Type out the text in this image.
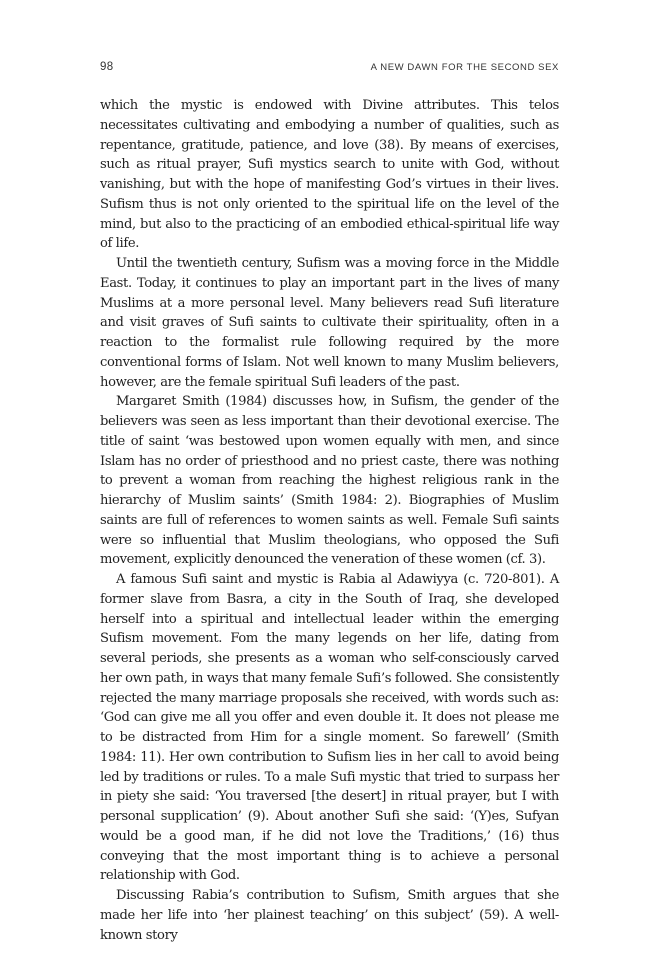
98	A NEW DAWN FOR THE SECOND SEX

which the mystic is endowed with Divine attributes. This telos necessitates cultivating and embodying a number of qualities, such as repentance, gratitude, patience, and love (38). By means of exercises, such as ritual prayer, Sufi mystics search to unite with God, without vanishing, but with the hope of manifesting God’s virtues in their lives. Sufism thus is not only oriented to the spiritual life on the level of the mind, but also to the practicing of an embodied ethical-spiritual life way of life.

Until the twentieth century, Sufism was a moving force in the Middle East. Today, it continues to play an important part in the lives of many Muslims at a more personal level. Many believers read Sufi literature and visit graves of Sufi saints to cultivate their spirituality, often in a reaction to the formalist rule following required by the more conventional forms of Islam. Not well known to many Muslim believers, however, are the female spiritual Sufi leaders of the past.

Margaret Smith (1984) discusses how, in Sufism, the gender of the believers was seen as less important than their devotional exercise. The title of saint ‘was bestowed upon women equally with men, and since Islam has no order of priesthood and no priest caste, there was nothing to prevent a woman from reaching the highest religious rank in the hierarchy of Muslim saints’ (Smith 1984: 2). Biographies of Muslim saints are full of references to women saints as well. Female Sufi saints were so influential that Muslim theologians, who opposed the Sufi movement, explicitly denounced the veneration of these women (cf. 3).

A famous Sufi saint and mystic is Rabia al Adawiyya (c. 720-801). A former slave from Basra, a city in the South of Iraq, she developed herself into a spiritual and intellectual leader within the emerging Sufism movement. Fom the many legends on her life, dating from several periods, she presents as a woman who self-consciously carved her own path, in ways that many female Sufi’s followed. She consistently rejected the many marriage proposals she received, with words such as: ‘God can give me all you offer and even double it. It does not please me to be distracted from Him for a single moment. So farewell’ (Smith 1984: 11). Her own contribution to Sufism lies in her call to avoid being led by traditions or rules. To a male Sufi mystic that tried to surpass her in piety she said: ‘You traversed [the desert] in ritual prayer, but I with personal supplication’ (9). About another Sufi she said: ‘(Y)es, Sufyan would be a good man, if he did not love the Traditions,’ (16) thus conveying that the most important thing is to achieve a personal relationship with God.

Discussing Rabia’s contribution to Sufism, Smith argues that she made her life into ‘her plainest teaching’ on this subject’ (59). A well-known story
